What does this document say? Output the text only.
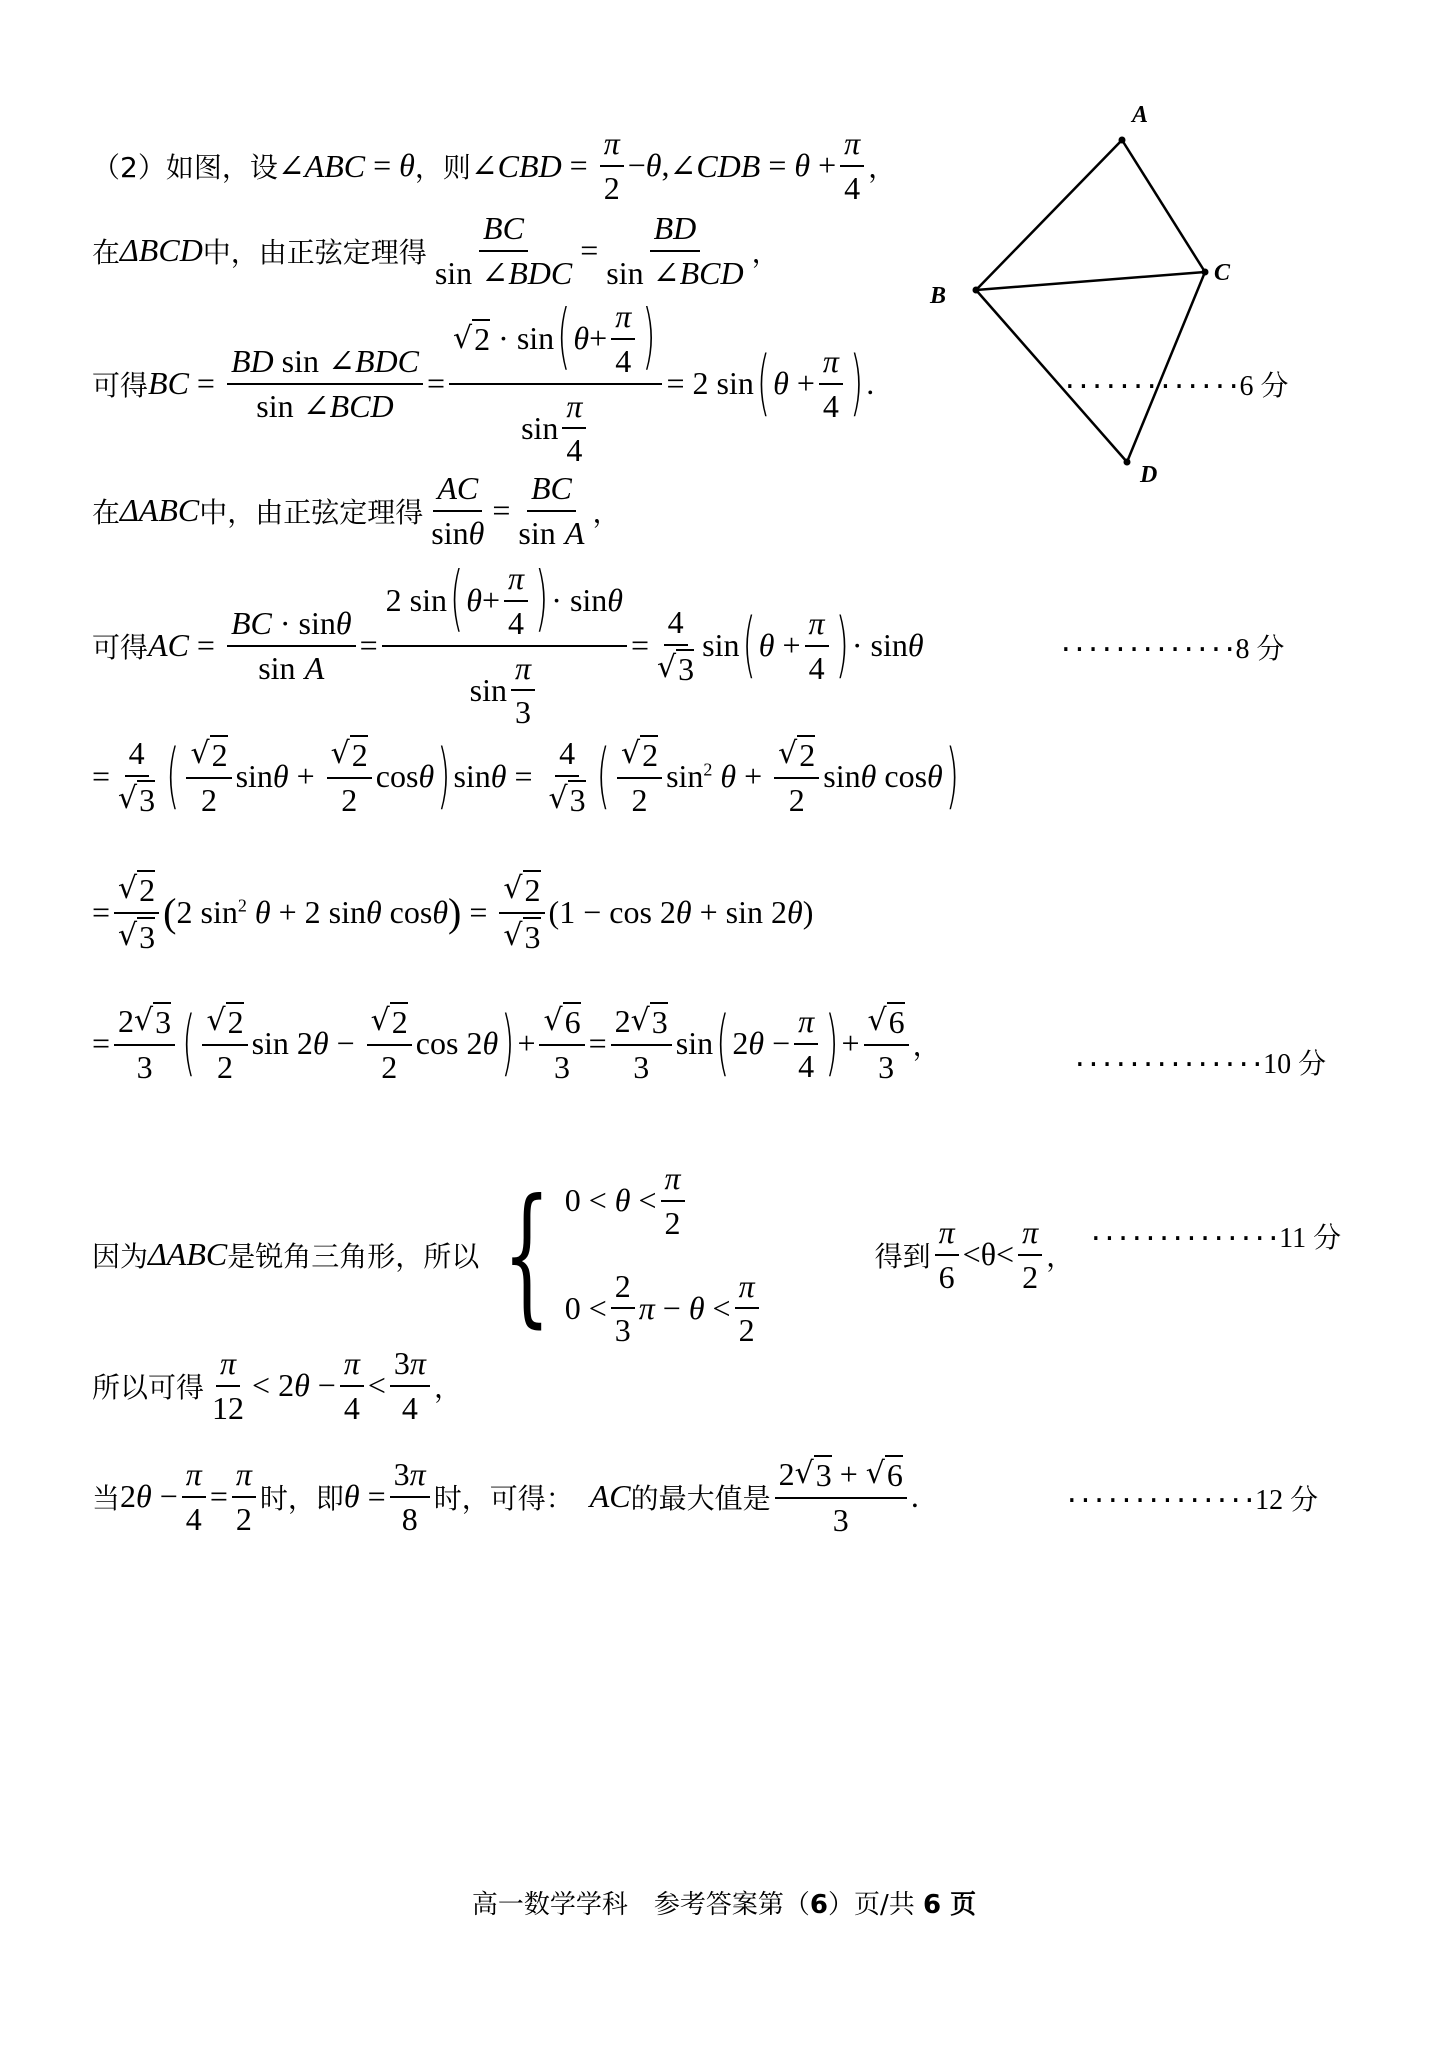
A
B
C
D
（2）如图，设 ∠ABC = θ ，则 ∠CBD = $\frac{\pi}{2} - \theta$ , ∠CDB = $\theta + \frac{\pi}{4}$ ，
在 ΔBCD 中，由正弦定理得 BC
sin
∠BDC = BD
sin
∠BCD ，
可得 BC = BD sin
∠BDC
sin
∠BCD = $\frac{√ 2 \cdot \sin ( \theta + \frac{\pi}{4} )}{\sin \frac{\pi}{4}} = 2$ sin ( $\theta + \frac{\pi}{4}$ ) .
在 ΔABC 中，由正弦定理得 $\frac{AC}{\text{sin θ}}$ = BC
sin
A ，
可得 AC = BC · sin θ
sin
$A = \frac{2 \sin ( \theta + \frac{\pi}{4} ) \cdot \sin \theta}{\sin \frac{\pi}{3}} = \frac{4}{√ 3}$ sin ( $\theta + \frac{\pi}{4}$ ) · sin θ
= $\frac{4}{√ 3}$ ( $\frac{√ 2}{2}$ $\sin \theta + \frac{√ 2}{2}$ cos θ ) $\sin \theta = \frac{4}{√ 3}$ ( $\frac{√ 2}{2} \sin^2 \theta + \frac{√ 2}{2}$ sin θ cos θ )
= $\frac{√ 2}{√ 3}$ ( 2 $\sin^2 \theta + 2$ sin θ cos θ ) = $\frac{√ 2}{√ 3} (1 - \cos 2$ θ + sin 2 θ )
= $\frac{2 √ 3}{3}$ ( $\frac{√ 2}{2}$ sin 2 $\theta - \frac{√ 2}{2}$ cos 2 θ ) + $\frac{√ 6}{3} = \frac{2 √ 3}{3}$ sin ( 2 $\theta - \frac{\pi}{4}$ ) + $\frac{√ 6}{3}$ ，
因为 ΔABC 是锐角三角形，所以 { $0 < \theta < \frac{\pi}{2}$
$0 < \frac{2}{3}$ $\pi - \theta < \frac{\pi}{2}$
得到 $\frac{\pi}{6} <\theta< \frac{\pi}{2}$ ，
所以可得 $\frac{\pi}{12} < 2$ $\theta - \frac{\pi}{4} < \frac{3 \pi}{4}$ ，
当 2 $\theta - \frac{\pi}{4} = \frac{\pi}{2}$ 时，即 $\theta = \frac{3 \pi}{8}$ 时，可得： AC 的最大值是 $\frac{2 √ 3 + √ 6}{3}$ .
·············6 分
·············8 分
··············10 分
··············11 分
··············12 分
高一数学学科　参考答案第（6）页/共 6 页
